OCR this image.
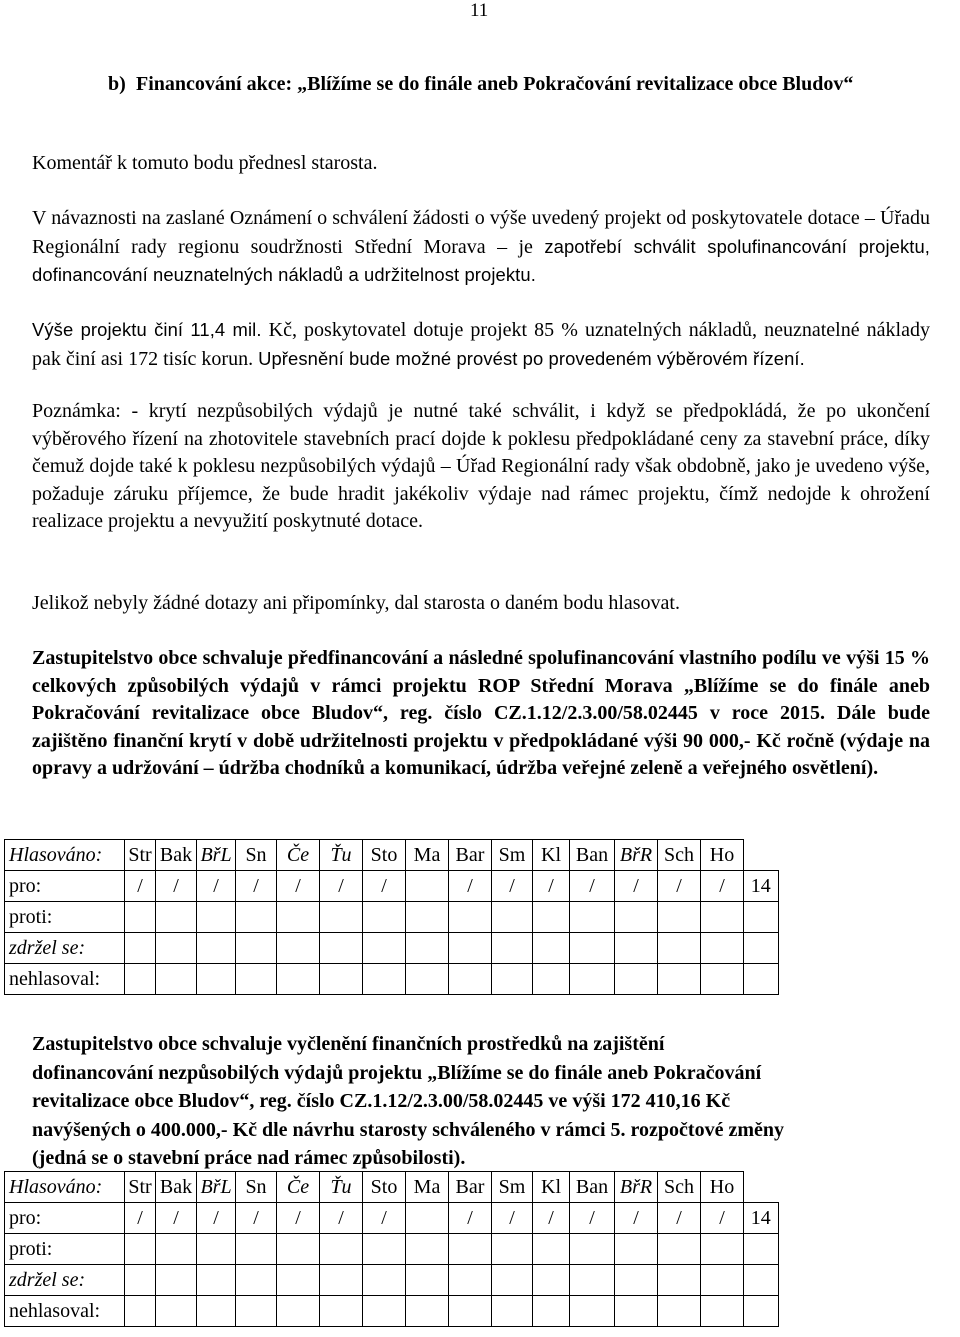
11
b) Financování akce: „Blížíme se do finále aneb Pokračování revitalizace obce Bludov“
Komentář k tomuto bodu přednesl starosta.
V návaznosti na zaslané Oznámení o schválení žádosti o výše uvedený projekt od poskytovatele dotace – Úřadu Regionální rady regionu soudržnosti Střední Morava – je zapotřebí schválit spolufinancování projektu, dofinancování neuznatelných nákladů a udržitelnost projektu.
Výše projektu činí 11,4 mil. Kč, poskytovatel dotuje projekt 85 % uznatelných nákladů, neuznatelné náklady pak činí asi 172 tisíc korun. Upřesnění bude možné provést po provedeném výběrovém řízení.
Poznámka: - krytí nezpůsobilých výdajů je nutné také schválit, i když se předpokládá, že po ukončení výběrového řízení na zhotovitele stavebních prací dojde k poklesu předpokládané ceny za stavební práce, díky čemuž dojde také k poklesu nezpůsobilých výdajů – Úřad Regionální rady však obdobně, jako je uvedeno výše, požaduje záruku příjemce, že bude hradit jakékoliv výdaje nad rámec projektu, čímž nedojde k ohrožení realizace projektu a nevyužití poskytnuté dotace.
Jelikož nebyly žádné dotazy ani připomínky, dal starosta o daném bodu hlasovat.
Zastupitelstvo obce schvaluje předfinancování a následné spolufinancování vlastního podílu ve výši 15 % celkových způsobilých výdajů v rámci projektu ROP Střední Morava „Blížíme se do finále aneb Pokračování revitalizace obce Bludov“, reg. číslo CZ.1.12/2.3.00/58.02445 v roce 2015. Dále bude zajištěno finanční krytí v době udržitelnosti projektu v předpokládané výši 90 000,- Kč ročně (výdaje na opravy a udržování – údržba chodníků a komunikací, údržba veřejné zeleně a veřejného osvětlení).
Hlasováno:	Str	Bak	BřL	Sn	Če	Ťu	Sto	Ma	Bar	Sm	Kl	Ban	BřR	Sch	Ho	
pro:	/	/	/	/	/	/	/		/	/	/	/	/	/	/	14
proti:																
zdržel se:																
nehlasoval:																
Zastupitelstvo obce schvaluje vyčlenění finančních prostředků na zajištění
dofinancování nezpůsobilých výdajů projektu „Blížíme se do finále aneb Pokračování
revitalizace obce Bludov“, reg. číslo CZ.1.12/2.3.00/58.02445 ve výši 172 410,16 Kč
navýšených o 400.000,- Kč dle návrhu starosty schváleného v rámci 5. rozpočtové změny
(jedná se o stavební práce nad rámec způsobilosti).
Hlasováno:	Str	Bak	BřL	Sn	Če	Ťu	Sto	Ma	Bar	Sm	Kl	Ban	BřR	Sch	Ho	
pro:	/	/	/	/	/	/	/		/	/	/	/	/	/	/	14
proti:																
zdržel se:																
nehlasoval:																
